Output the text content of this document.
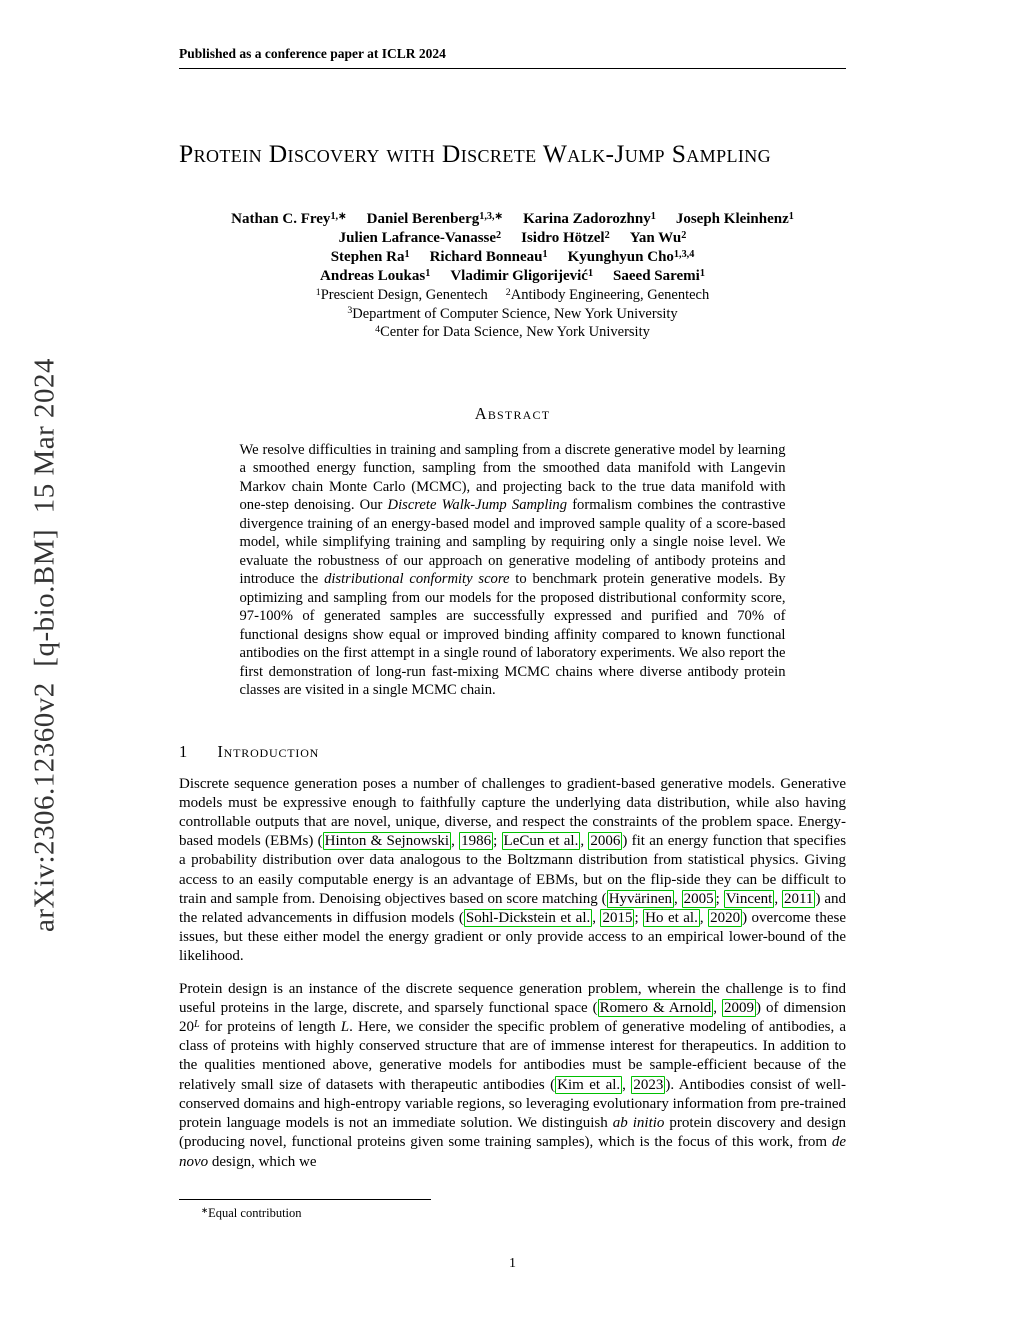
arXiv:2306.12360v2  [q-bio.BM]  15 Mar 2024
Published as a conference paper at ICLR 2024
Protein Discovery with Discrete Walk-Jump Sampling
Nathan C. Frey$^{1,∗}$ Daniel Berenberg$^{1,3,∗}$ Karina Zadorozhny$^1$ Joseph Kleinhenz$^1$
Julien Lafrance-Vanasse$^2$ Isidro Hötzel$^2$ Yan Wu$^2$
Stephen Ra$^1$ Richard Bonneau$^1$ Kyunghyun Cho$^{1,3,4}$
Andreas Loukas$^1$ Vladimir Gligorijević$^1$ Saeed Saremi$^1$
$^1$Prescient Design, Genentech $^2$Antibody Engineering, Genentech
$^3$Department of Computer Science, New York University
$^4$Center for Data Science, New York University
Abstract

We resolve difficulties in training and sampling from a discrete generative model by learning a smoothed energy function, sampling from the smoothed data manifold with Langevin Markov chain Monte Carlo (MCMC), and projecting back to the true data manifold with one-step denoising. Our Discrete Walk-Jump Sampling formalism combines the contrastive divergence training of an energy-based model and improved sample quality of a score-based model, while simplifying training and sampling by requiring only a single noise level. We evaluate the robustness of our approach on generative modeling of antibody proteins and introduce the distributional conformity score to benchmark protein generative models. By optimizing and sampling from our models for the proposed distributional conformity score, 97-100% of generated samples are successfully expressed and purified and 70% of functional designs show equal or improved binding affinity compared to known functional antibodies on the first attempt in a single round of laboratory experiments. We also report the first demonstration of long-run fast-mixing MCMC chains where diverse antibody protein classes are visited in a single MCMC chain.

1 Introduction

Discrete sequence generation poses a number of challenges to gradient-based generative models. Generative models must be expressive enough to faithfully capture the underlying data distribution, while also having controllable outputs that are novel, unique, diverse, and respect the constraints of the problem space. Energy-based models (EBMs) ( Hinton & Sejnowski , 1986 ; LeCun et al. , 2006 ) fit an energy function that specifies a probability distribution over data analogous to the Boltzmann distribution from statistical physics. Giving access to an easily computable energy is an advantage of EBMs, but on the flip-side they can be difficult to train and sample from. Denoising objectives based on score matching ( Hyvärinen , 2005 ; Vincent , 2011 ) and the related advancements in diffusion models ( Sohl-Dickstein et al. , 2015 ; Ho et al. , 2020 ) overcome these issues, but these either model the energy gradient or only provide access to an empirical lower-bound of the likelihood.

Protein design is an instance of the discrete sequence generation problem, wherein the challenge is to find useful proteins in the large, discrete, and sparsely functional space ( Romero & Arnold , 2009 ) of dimension $20^L$ for proteins of length L. Here, we consider the specific problem of generative modeling of antibodies, a class of proteins with highly conserved structure that are of immense interest for therapeutics. In addition to the qualities mentioned above, generative models for antibodies must be sample-efficient because of the relatively small size of datasets with therapeutic antibodies ( Kim et al. , 2023 ). Antibodies consist of well-conserved domains and high-entropy variable regions, so leveraging evolutionary information from pre-trained protein language models is not an immediate solution. We distinguish ab initio protein discovery and design (producing novel, functional proteins given some training samples), which is the focus of this work, from de novo design, which we

∗Equal contribution
1
